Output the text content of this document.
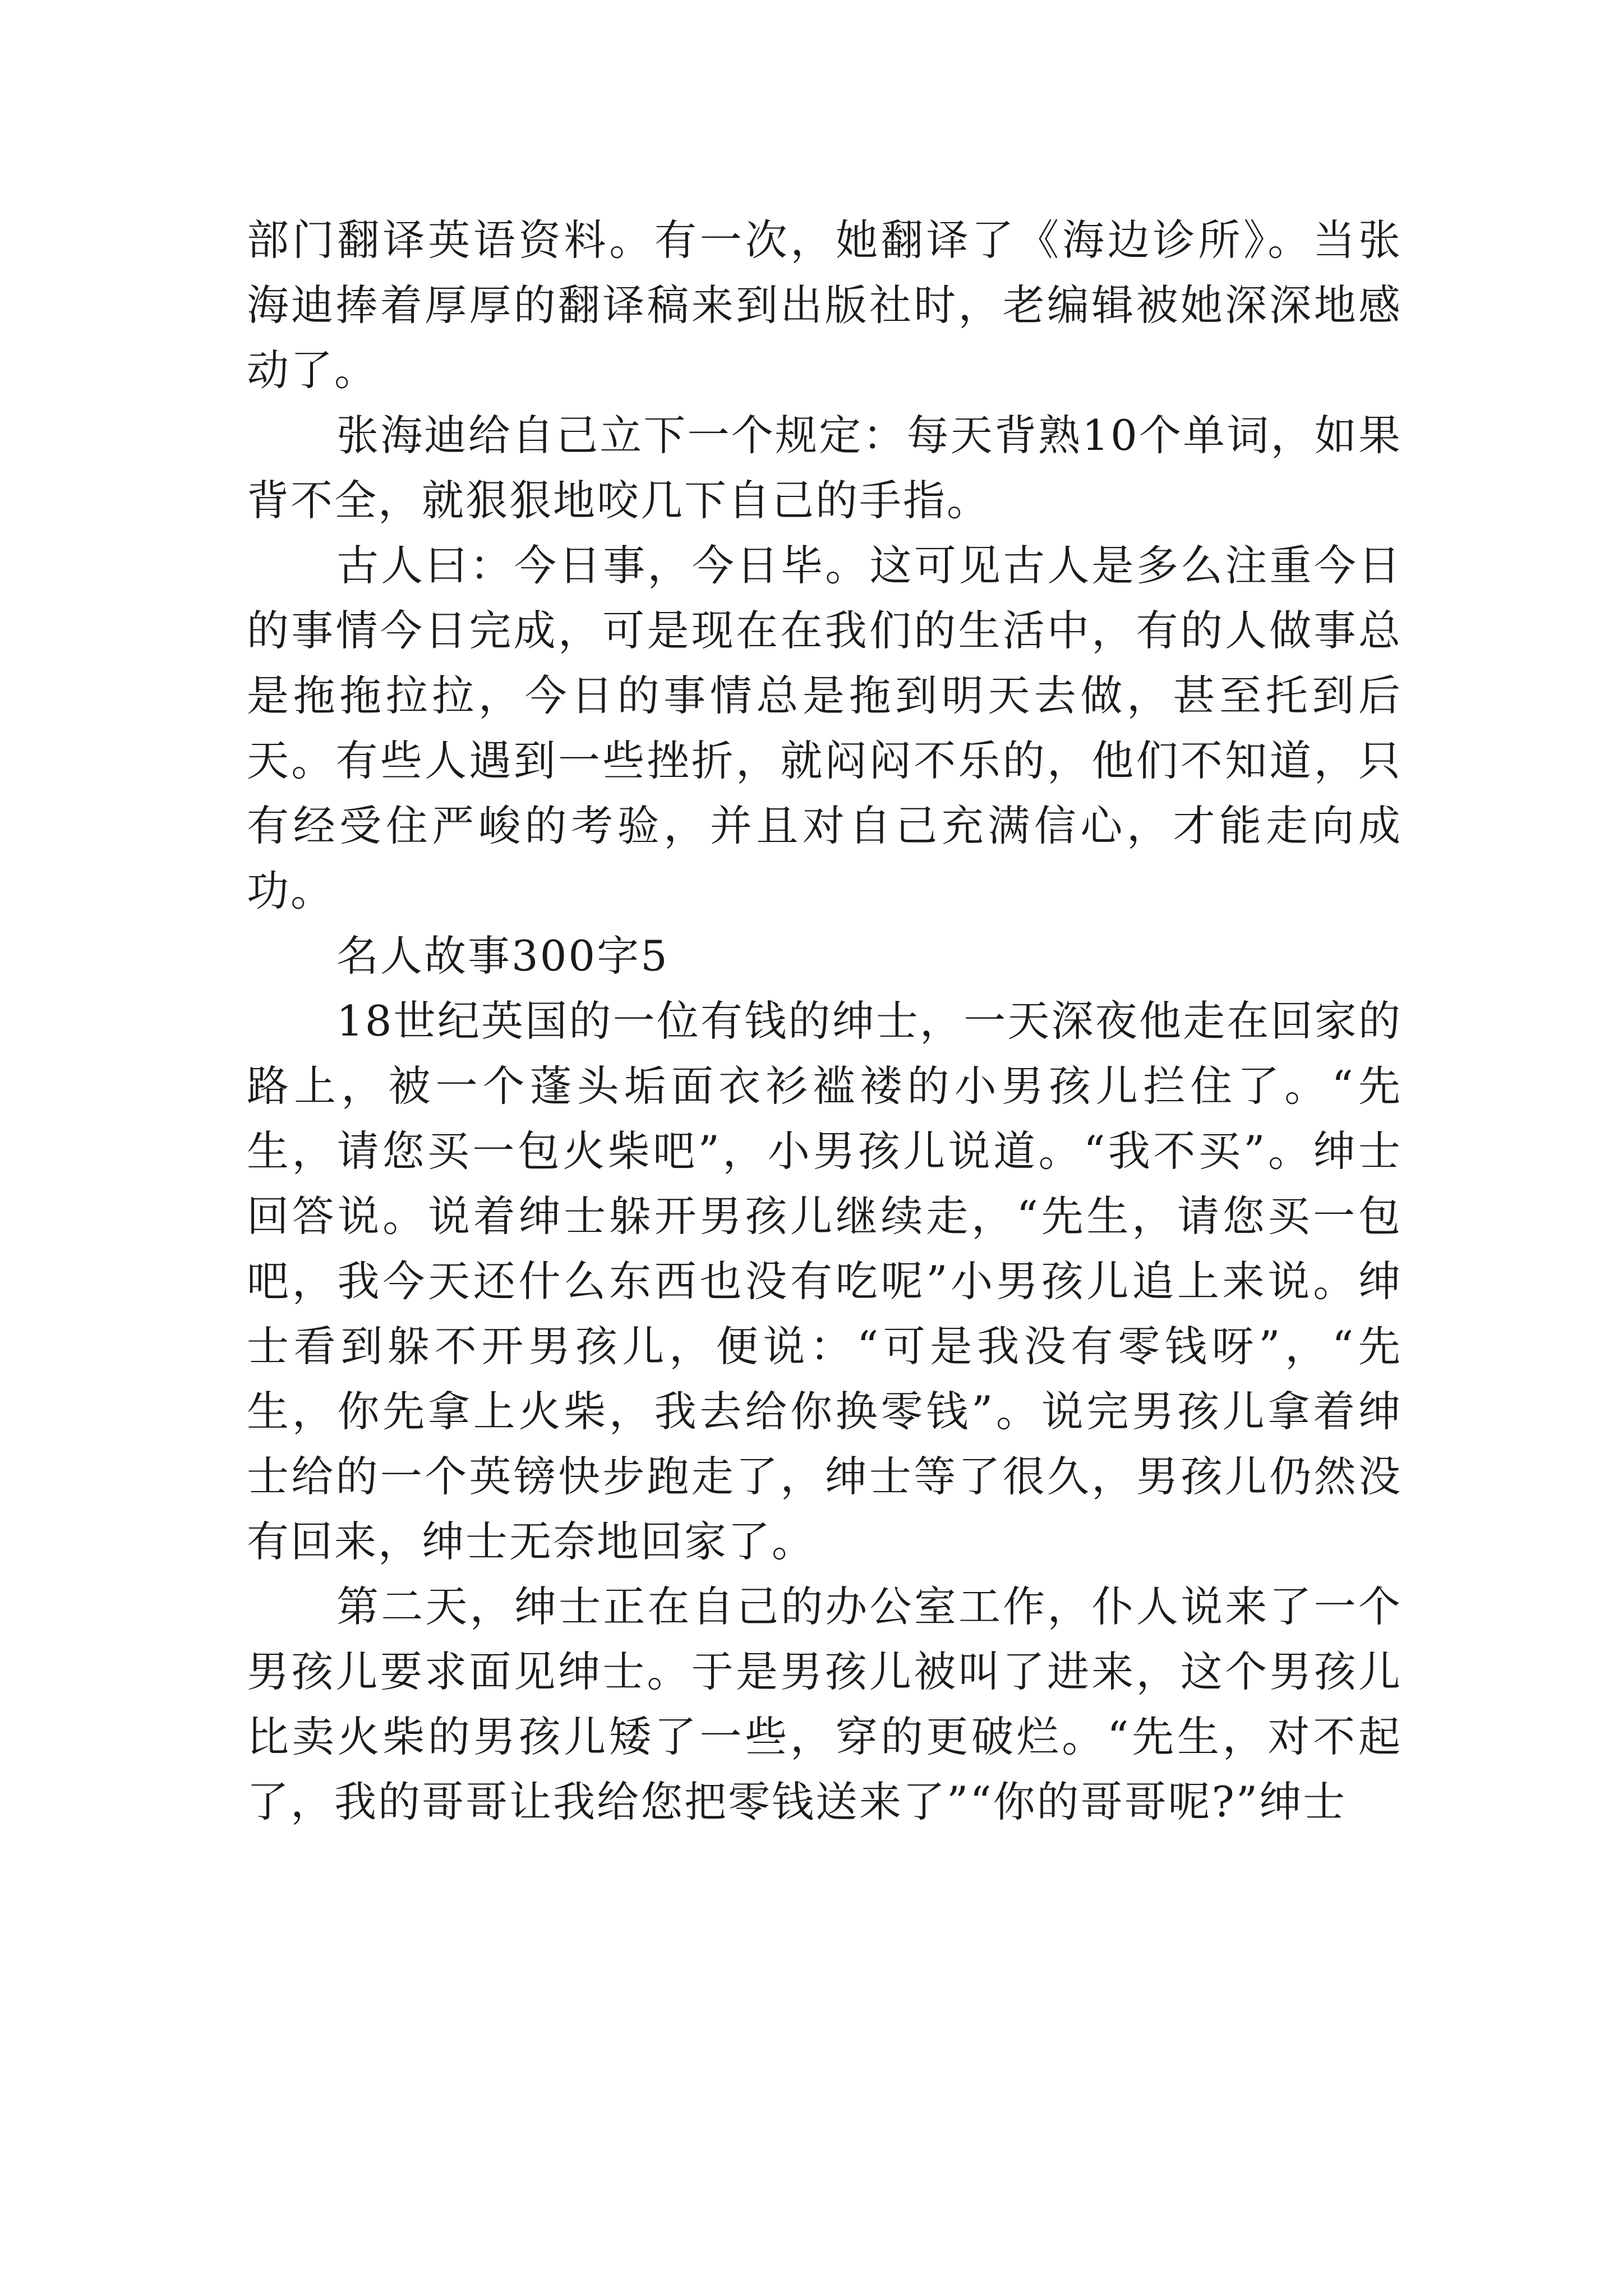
部门翻译英语资料。有一次，她翻译了《海边诊所》。当张海迪捧着厚厚的翻译稿来到出版社时，老编辑被她深深地感动了。

张海迪给自己立下一个规定：每天背熟10个单词，如果背不全，就狠狠地咬几下自己的手指。

古人曰：今日事，今日毕。这可见古人是多么注重今日的事情今日完成，可是现在在我们的生活中，有的人做事总是拖拖拉拉，今日的事情总是拖到明天去做，甚至托到后天。有些人遇到一些挫折，就闷闷不乐的，他们不知道，只有经受住严峻的考验，并且对自己充满信心，才能走向成功。

名人故事300字5

18世纪英国的一位有钱的绅士，一天深夜他走在回家的路上，被一个蓬头垢面衣衫褴褛的小男孩儿拦住了。“先生，请您买一包火柴吧”，小男孩儿说道。“我不买”。绅士回答说。说着绅士躲开男孩儿继续走，“先生，请您买一包吧，我今天还什么东西也没有吃呢”小男孩儿追上来说。绅士看到躲不开男孩儿，便说：“可是我没有零钱呀”，“先生，你先拿上火柴，我去给你换零钱”。说完男孩儿拿着绅士给的一个英镑快步跑走了，绅士等了很久，男孩儿仍然没有回来，绅士无奈地回家了。

第二天，绅士正在自己的办公室工作，仆人说来了一个男孩儿要求面见绅士。于是男孩儿被叫了进来，这个男孩儿比卖火柴的男孩儿矮了一些，穿的更破烂。“先生，对不起了，我的哥哥让我给您把零钱送来了”“你的哥哥呢?”绅士
